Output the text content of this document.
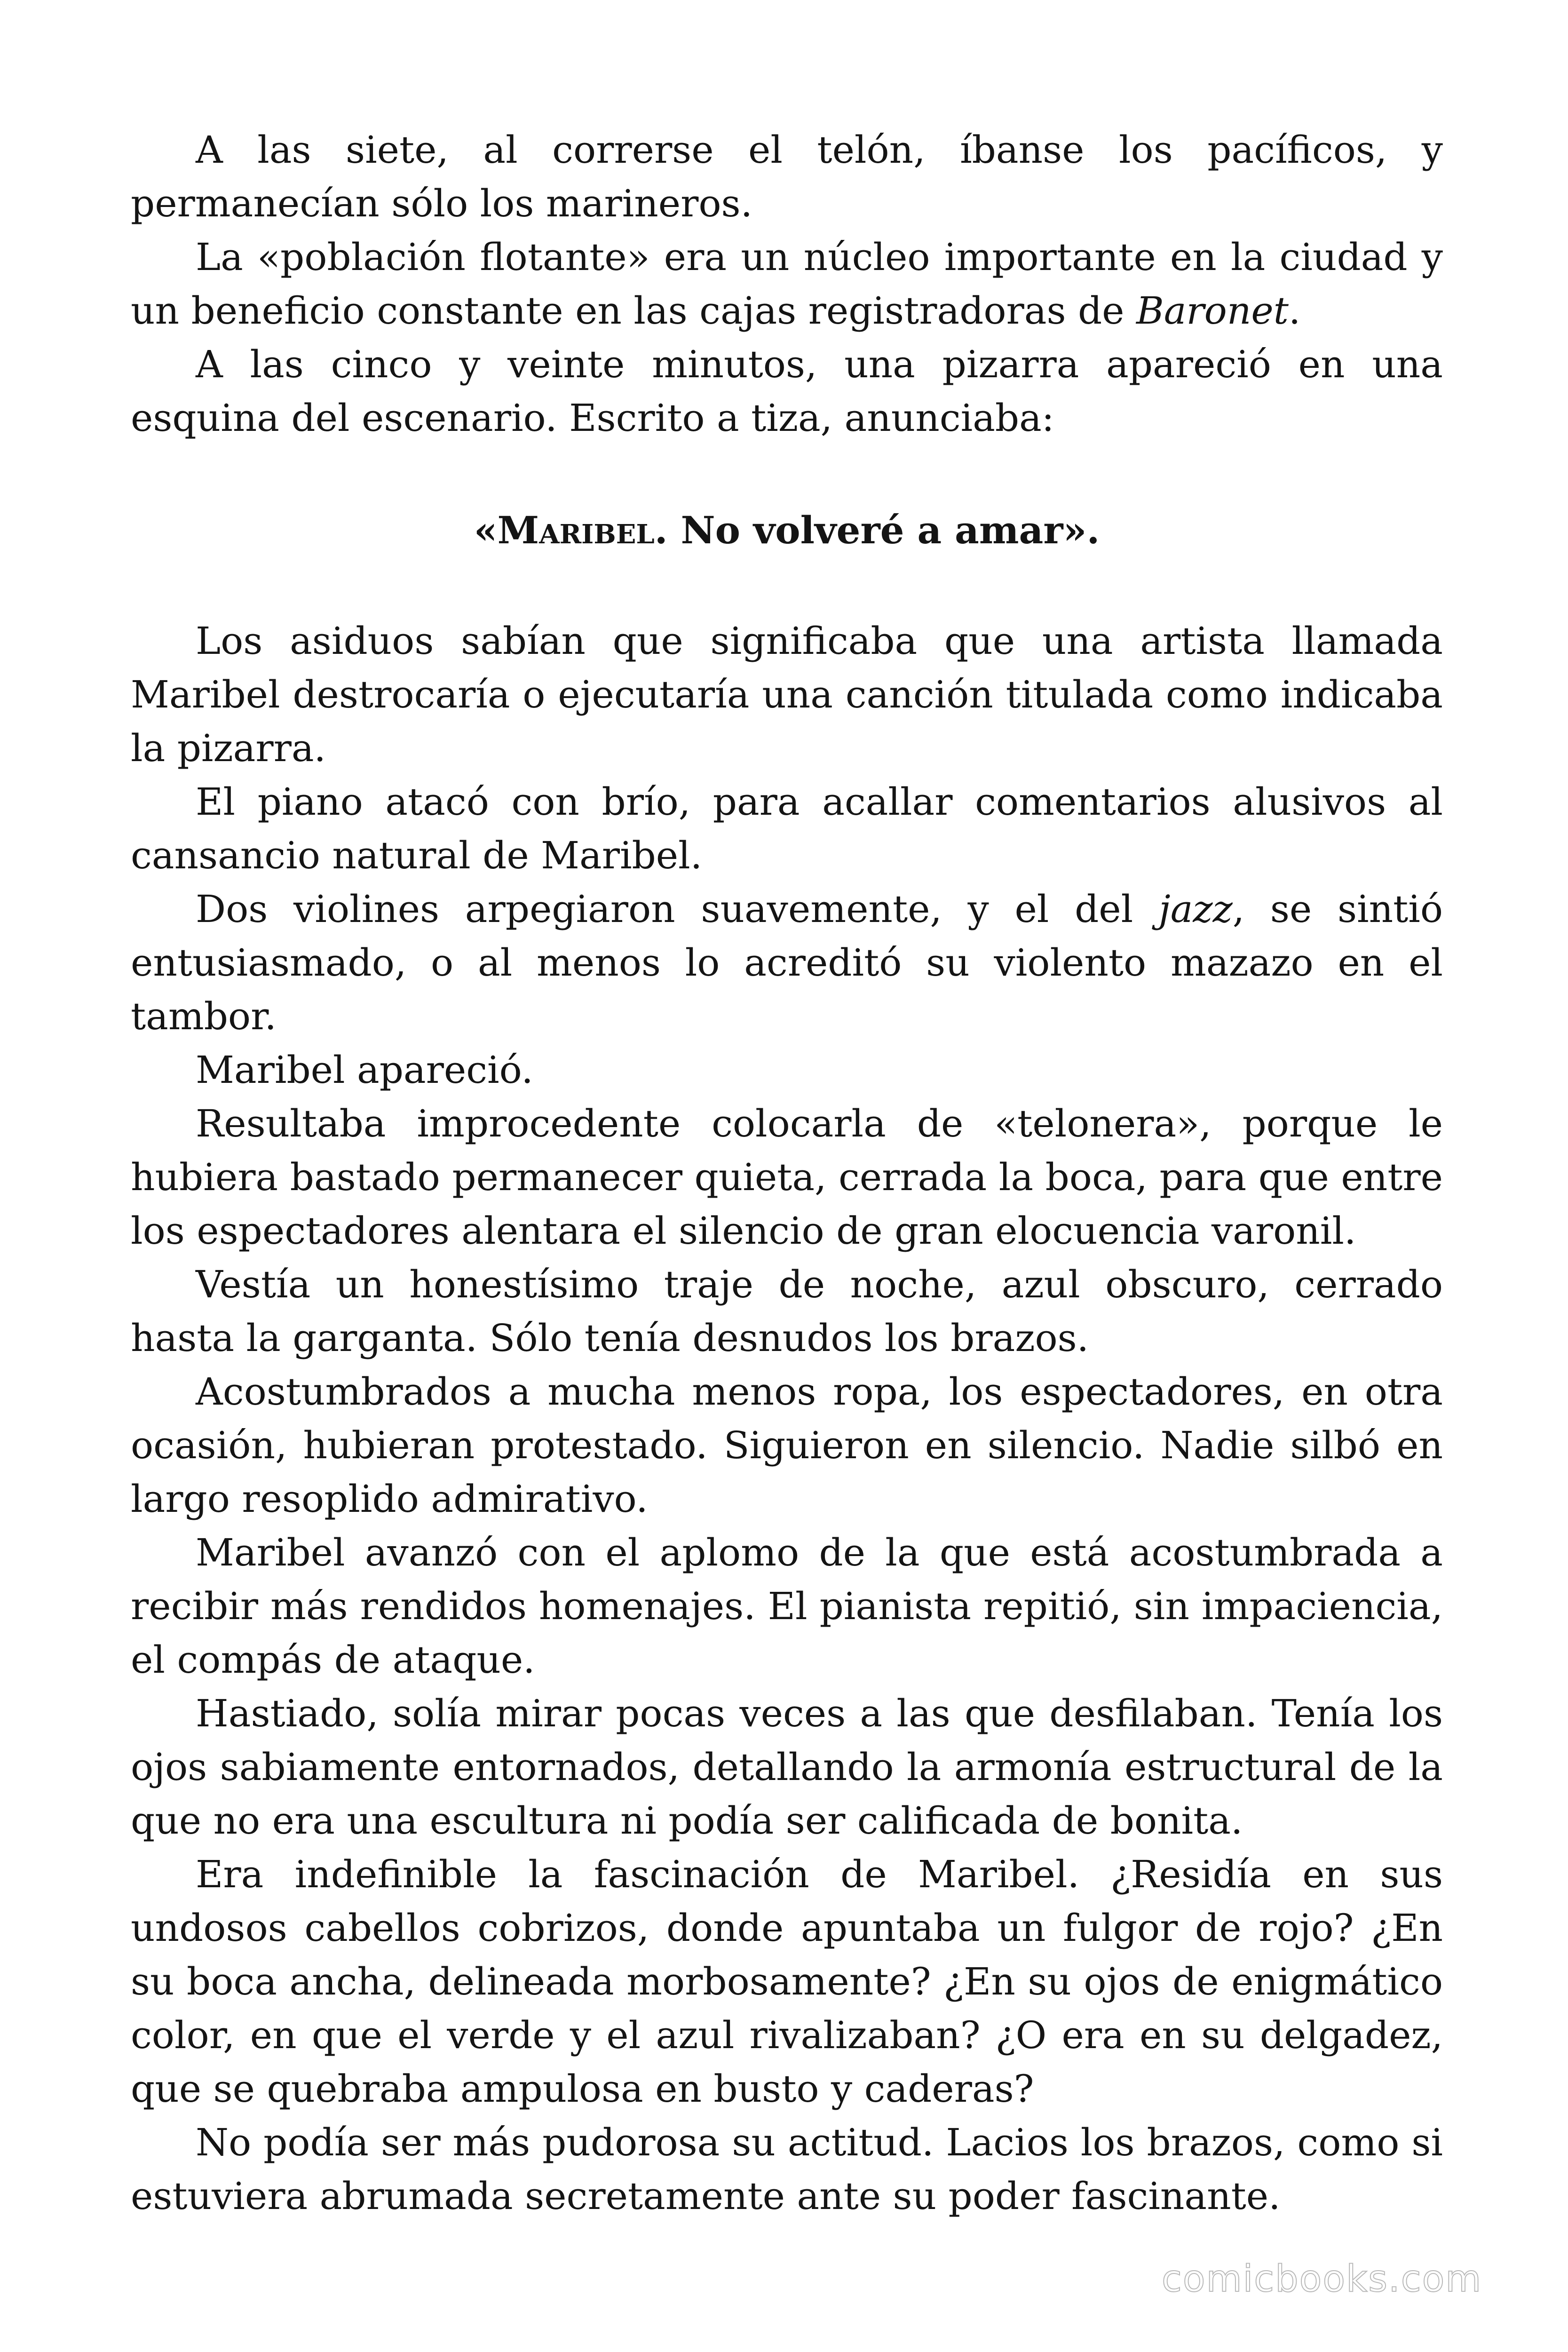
A las siete, al correrse el telón, íbanse los pacíficos, y permanecían sólo los marineros.

La «población flotante» era un núcleo importante en la ciudad y un beneficio constante en las cajas registradoras de Baronet.

A las cinco y veinte minutos, una pizarra apareció en una esquina del escenario. Escrito a tiza, anunciaba:

«Maribel. No volveré a amar».

Los asiduos sabían que significaba que una artista llamada Maribel destrocaría o ejecutaría una canción titulada como indicaba la pizarra.

El piano atacó con brío, para acallar comentarios alusivos al cansancio natural de Maribel.

Dos violines arpegiaron suavemente, y el del jazz, se sintió entusiasmado, o al menos lo acreditó su violento mazazo en el tambor.

Maribel apareció.

Resultaba improcedente colocarla de «telonera», porque le hubiera bastado permanecer quieta, cerrada la boca, para que entre los espectadores alentara el silencio de gran elocuencia varonil.

Vestía un honestísimo traje de noche, azul obscuro, cerrado hasta la garganta. Sólo tenía desnudos los brazos.

Acostumbrados a mucha menos ropa, los espectadores, en otra ocasión, hubieran protestado. Siguieron en silencio. Nadie silbó en largo resoplido admirativo.

Maribel avanzó con el aplomo de la que está acostumbrada a recibir más rendidos homenajes. El pianista repitió, sin impaciencia, el compás de ataque.

Hastiado, solía mirar pocas veces a las que desfilaban. Tenía los ojos sabiamente entornados, detallando la armonía estructural de la que no era una escultura ni podía ser calificada de bonita.

Era indefinible la fascinación de Maribel. ¿Residía en sus undosos cabellos cobrizos, donde apuntaba un fulgor de rojo? ¿En su boca ancha, delineada morbosamente? ¿En su ojos de enigmático color, en que el verde y el azul rivalizaban? ¿O era en su delgadez, que se quebraba ampulosa en busto y caderas?

No podía ser más pudorosa su actitud. Lacios los brazos, como si estuviera abrumada secretamente ante su poder fascinante.

comicbooks.com
